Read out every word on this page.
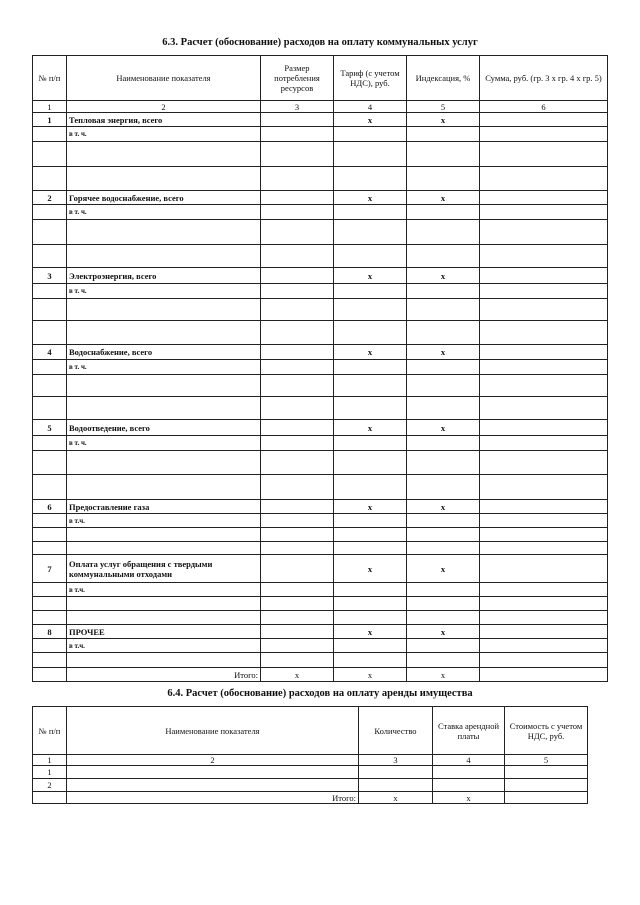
6.3. Расчет (обоснование) расходов на оплату коммунальных услуг
№ п/п	Наименование показателя	Размер потребления ресурсов	Тариф (с учетом НДС), руб.	Индексация, %	Сумма, руб. (гр. 3 х гр. 4 х гр. 5)
1	2	3	4	5	6
1	Тепловая энергия, всего		x	x	
	в т. ч.				

2	Горячее водоснабжение, всего		x	x	
	в т. ч.				

3	Электроэнергия, всего		x	x	
	в т. ч.				

4	Водоснабжение, всего		x	x	
	в т. ч.				

5	Водоотведение, всего		x	x	
	в т. ч.				

6	Предоставление газа		x	x	
	в т.ч.				

7	Оплата услуг обращения с твердыми коммунальными отходами		x	x	
	в т.ч.				

8	ПРОЧЕЕ		x	x	
	в т.ч.				

	Итого:	x	x	x	
6.4. Расчет (обоснование) расходов на оплату аренды имущества
№ п/п	Наименование показателя	Количество	Ставка арендной платы	Стоимость с учетом НДС, руб.
1	2	3	4	5
1				
2				
	Итого:	x	x	
